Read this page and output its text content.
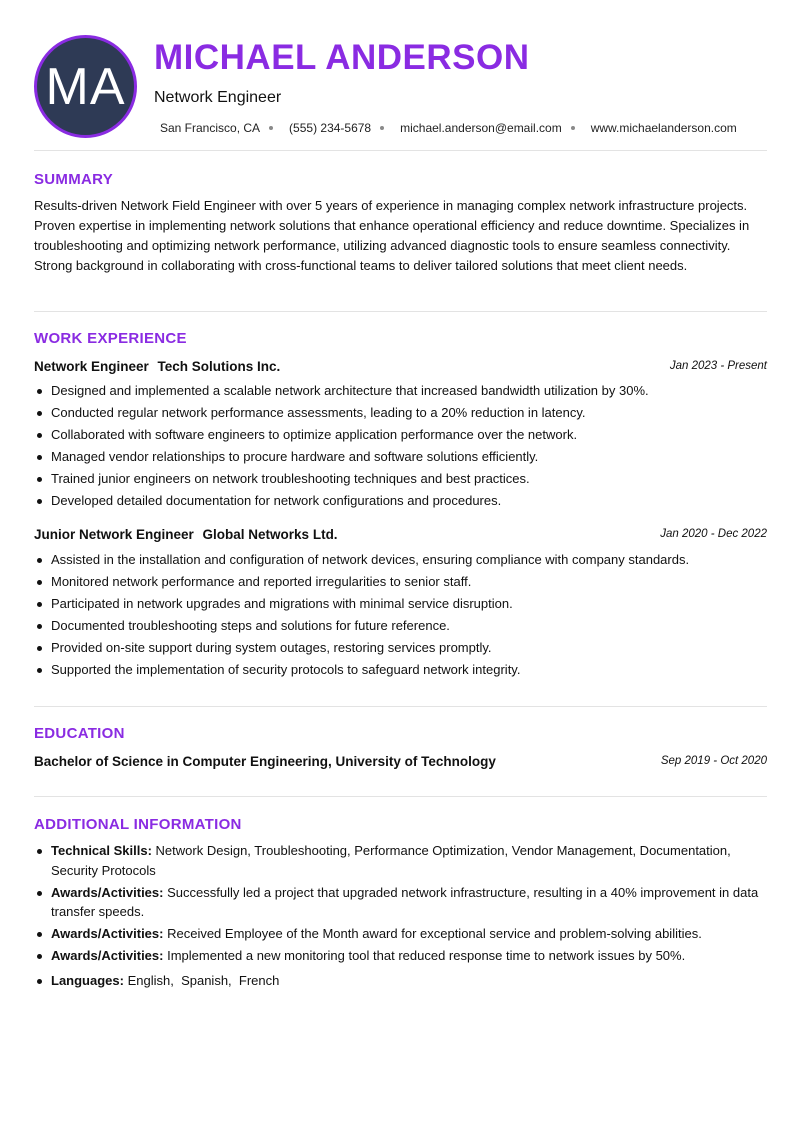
MA MICHAEL ANDERSON
Network Engineer
San Francisco, CA (555) 234-5678 michael.anderson@email.com www.michaelanderson.com
SUMMARY

Results-driven Network Field Engineer with over 5 years of experience in managing complex network infrastructure projects. Proven expertise in implementing network solutions that enhance operational efficiency and reduce downtime. Specializes in troubleshooting and optimizing network performance, utilizing advanced diagnostic tools to ensure seamless connectivity. Strong background in collaborating with cross-functional teams to deliver tailored solutions that meet client needs.

WORK EXPERIENCE
Network Engineer Tech Solutions Inc.	Jan 2023 - Present
Designed and implemented a scalable network architecture that increased bandwidth utilization by 30%.
Conducted regular network performance assessments, leading to a 20% reduction in latency.
Collaborated with software engineers to optimize application performance over the network.
Managed vendor relationships to procure hardware and software solutions efficiently.
Trained junior engineers on network troubleshooting techniques and best practices.
Developed detailed documentation for network configurations and procedures.
Junior Network Engineer Global Networks Ltd.	Jan 2020 - Dec 2022
Assisted in the installation and configuration of network devices, ensuring compliance with company standards.
Monitored network performance and reported irregularities to senior staff.
Participated in network upgrades and migrations with minimal service disruption.
Documented troubleshooting steps and solutions for future reference.
Provided on-site support during system outages, restoring services promptly.
Supported the implementation of security protocols to safeguard network integrity.
EDUCATION
Bachelor of Science in Computer Engineering, University of Technology	Sep 2019 - Oct 2020
ADDITIONAL INFORMATION
Technical Skills: Network Design, Troubleshooting, Performance Optimization, Vendor Management, Documentation, Security Protocols
Awards/Activities: Successfully led a project that upgraded network infrastructure, resulting in a 40% improvement in data transfer speeds.
Awards/Activities: Received Employee of the Month award for exceptional service and problem-solving abilities.
Awards/Activities: Implemented a new monitoring tool that reduced response time to network issues by 50%.
Languages: English,  Spanish,  French
